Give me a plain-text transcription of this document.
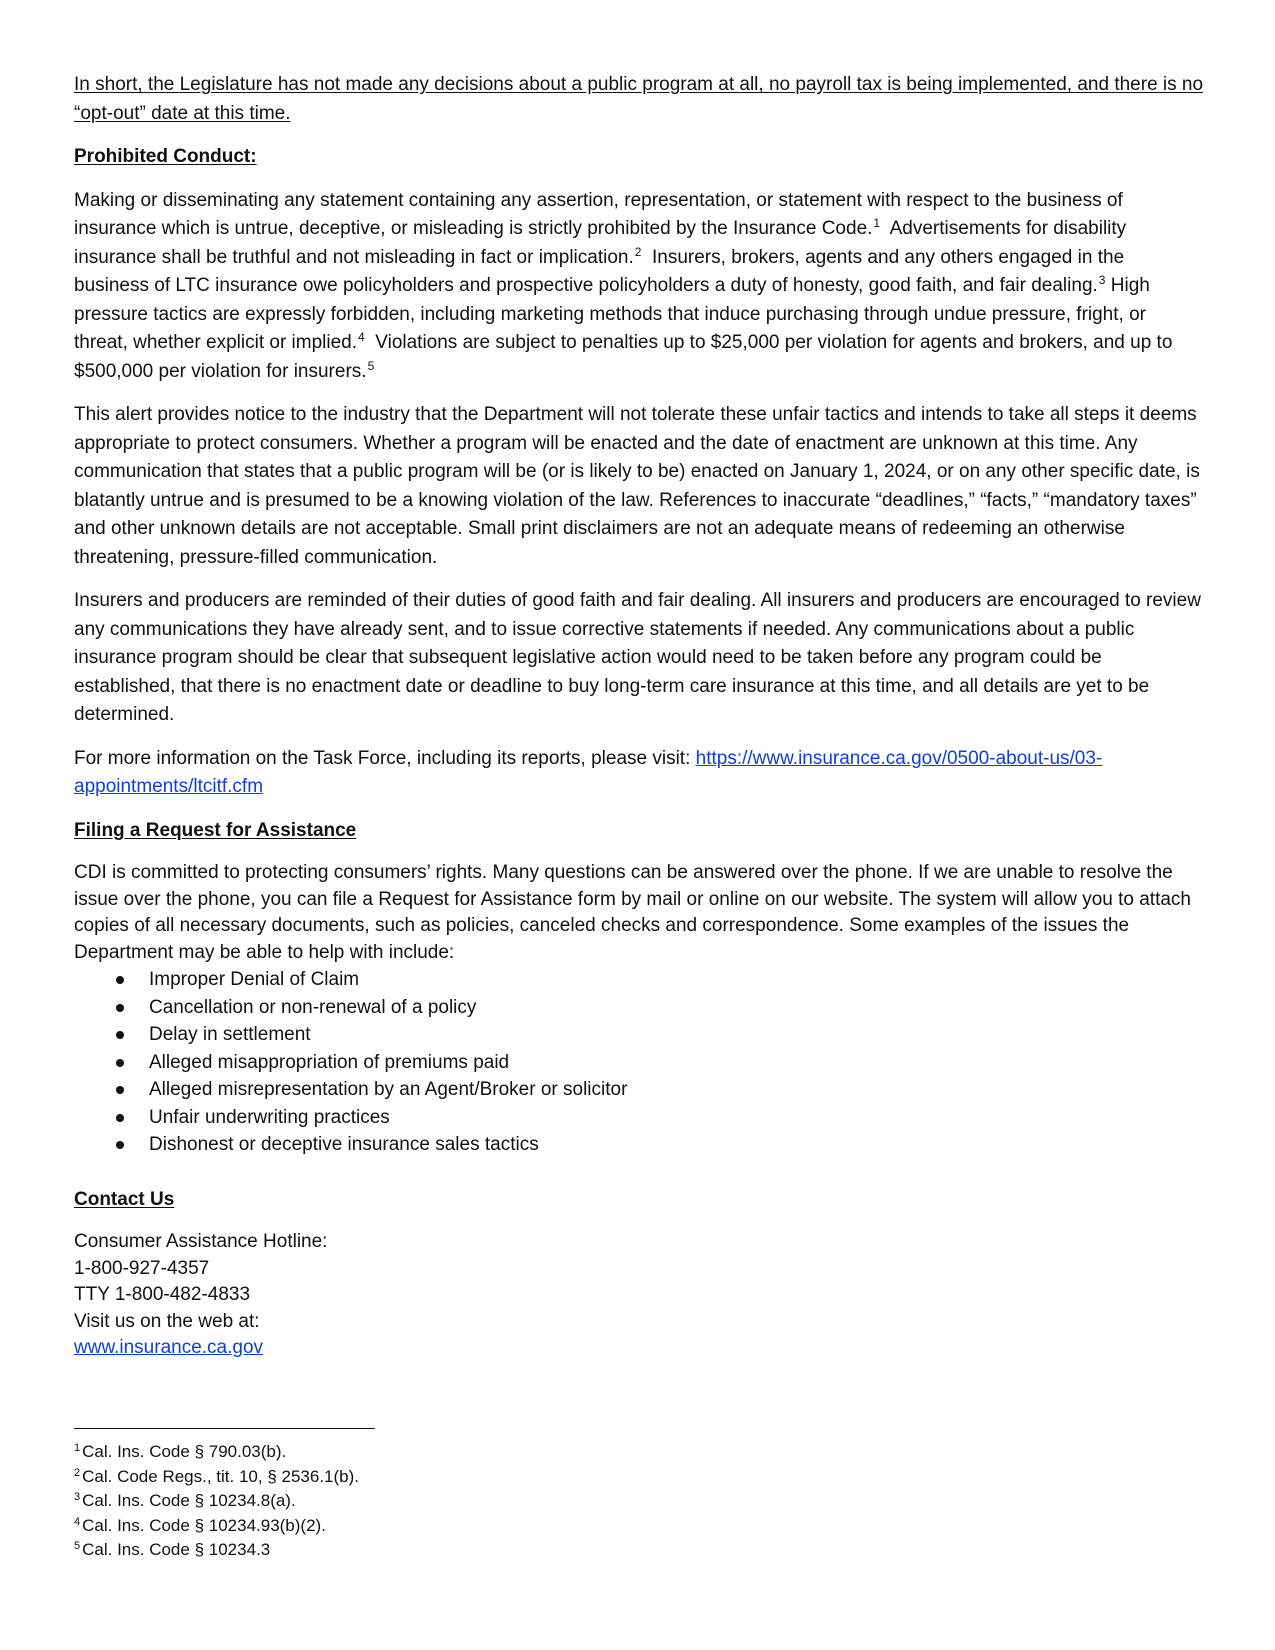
In short, the Legislature has not made any decisions about a public program at all, no payroll tax is being implemented, and there is no “opt-out” date at this time.

Prohibited Conduct:

Making or disseminating any statement containing any assertion, representation, or statement with respect to the business of insurance which is untrue, deceptive, or misleading is strictly prohibited by the Insurance Code.$^1$ Advertisements for disability insurance shall be truthful and not misleading in fact or implication.$^2$ Insurers, brokers, agents and any others engaged in the business of LTC insurance owe policyholders and prospective policyholders a duty of honesty, good faith, and fair dealing.$^3$ High pressure tactics are expressly forbidden, including marketing methods that induce purchasing through undue pressure, fright, or threat, whether explicit or implied.$^4$ Violations are subject to penalties up to $25,000 per violation for agents and brokers, and up to $500,000 per violation for insurers.$^5$

This alert provides notice to the industry that the Department will not tolerate these unfair tactics and intends to take all steps it deems appropriate to protect consumers. Whether a program will be enacted and the date of enactment are unknown at this time. Any communication that states that a public program will be (or is likely to be) enacted on January 1, 2024, or on any other specific date, is blatantly untrue and is presumed to be a knowing violation of the law. References to inaccurate “deadlines,” “facts,” “mandatory taxes” and other unknown details are not acceptable. Small print disclaimers are not an adequate means of redeeming an otherwise threatening, pressure-filled communication.

Insurers and producers are reminded of their duties of good faith and fair dealing. All insurers and producers are encouraged to review any communications they have already sent, and to issue corrective statements if needed. Any communications about a public insurance program should be clear that subsequent legislative action would need to be taken before any program could be established, that there is no enactment date or deadline to buy long-term care insurance at this time, and all details are yet to be determined.

For more information on the Task Force, including its reports, please visit: https://www.insurance.ca.gov/0500-about-us/03-appointments/ltcitf.cfm

Filing a Request for Assistance

CDI is committed to protecting consumers’ rights. Many questions can be answered over the phone. If we are unable to resolve the issue over the phone, you can file a Request for Assistance form by mail or online on our website. The system will allow you to attach copies of all necessary documents, such as policies, canceled checks and correspondence. Some examples of the issues the Department may be able to help with include:

Improper Denial of Claim
Cancellation or non-renewal of a policy
Delay in settlement
Alleged misappropriation of premiums paid
Alleged misrepresentation by an Agent/Broker or solicitor
Unfair underwriting practices
Dishonest or deceptive insurance sales tactics
Contact Us
Consumer Assistance Hotline:
1-800-927-4357
TTY 1-800-482-4833
Visit us on the web at:
www.insurance.ca.gov
$^1$ Cal. Ins. Code § 790.03(b).
$^2$ Cal. Code Regs., tit. 10, § 2536.1(b).
$^3$ Cal. Ins. Code § 10234.8(a).
$^4$ Cal. Ins. Code § 10234.93(b)(2).
$^5$ Cal. Ins. Code § 10234.3
